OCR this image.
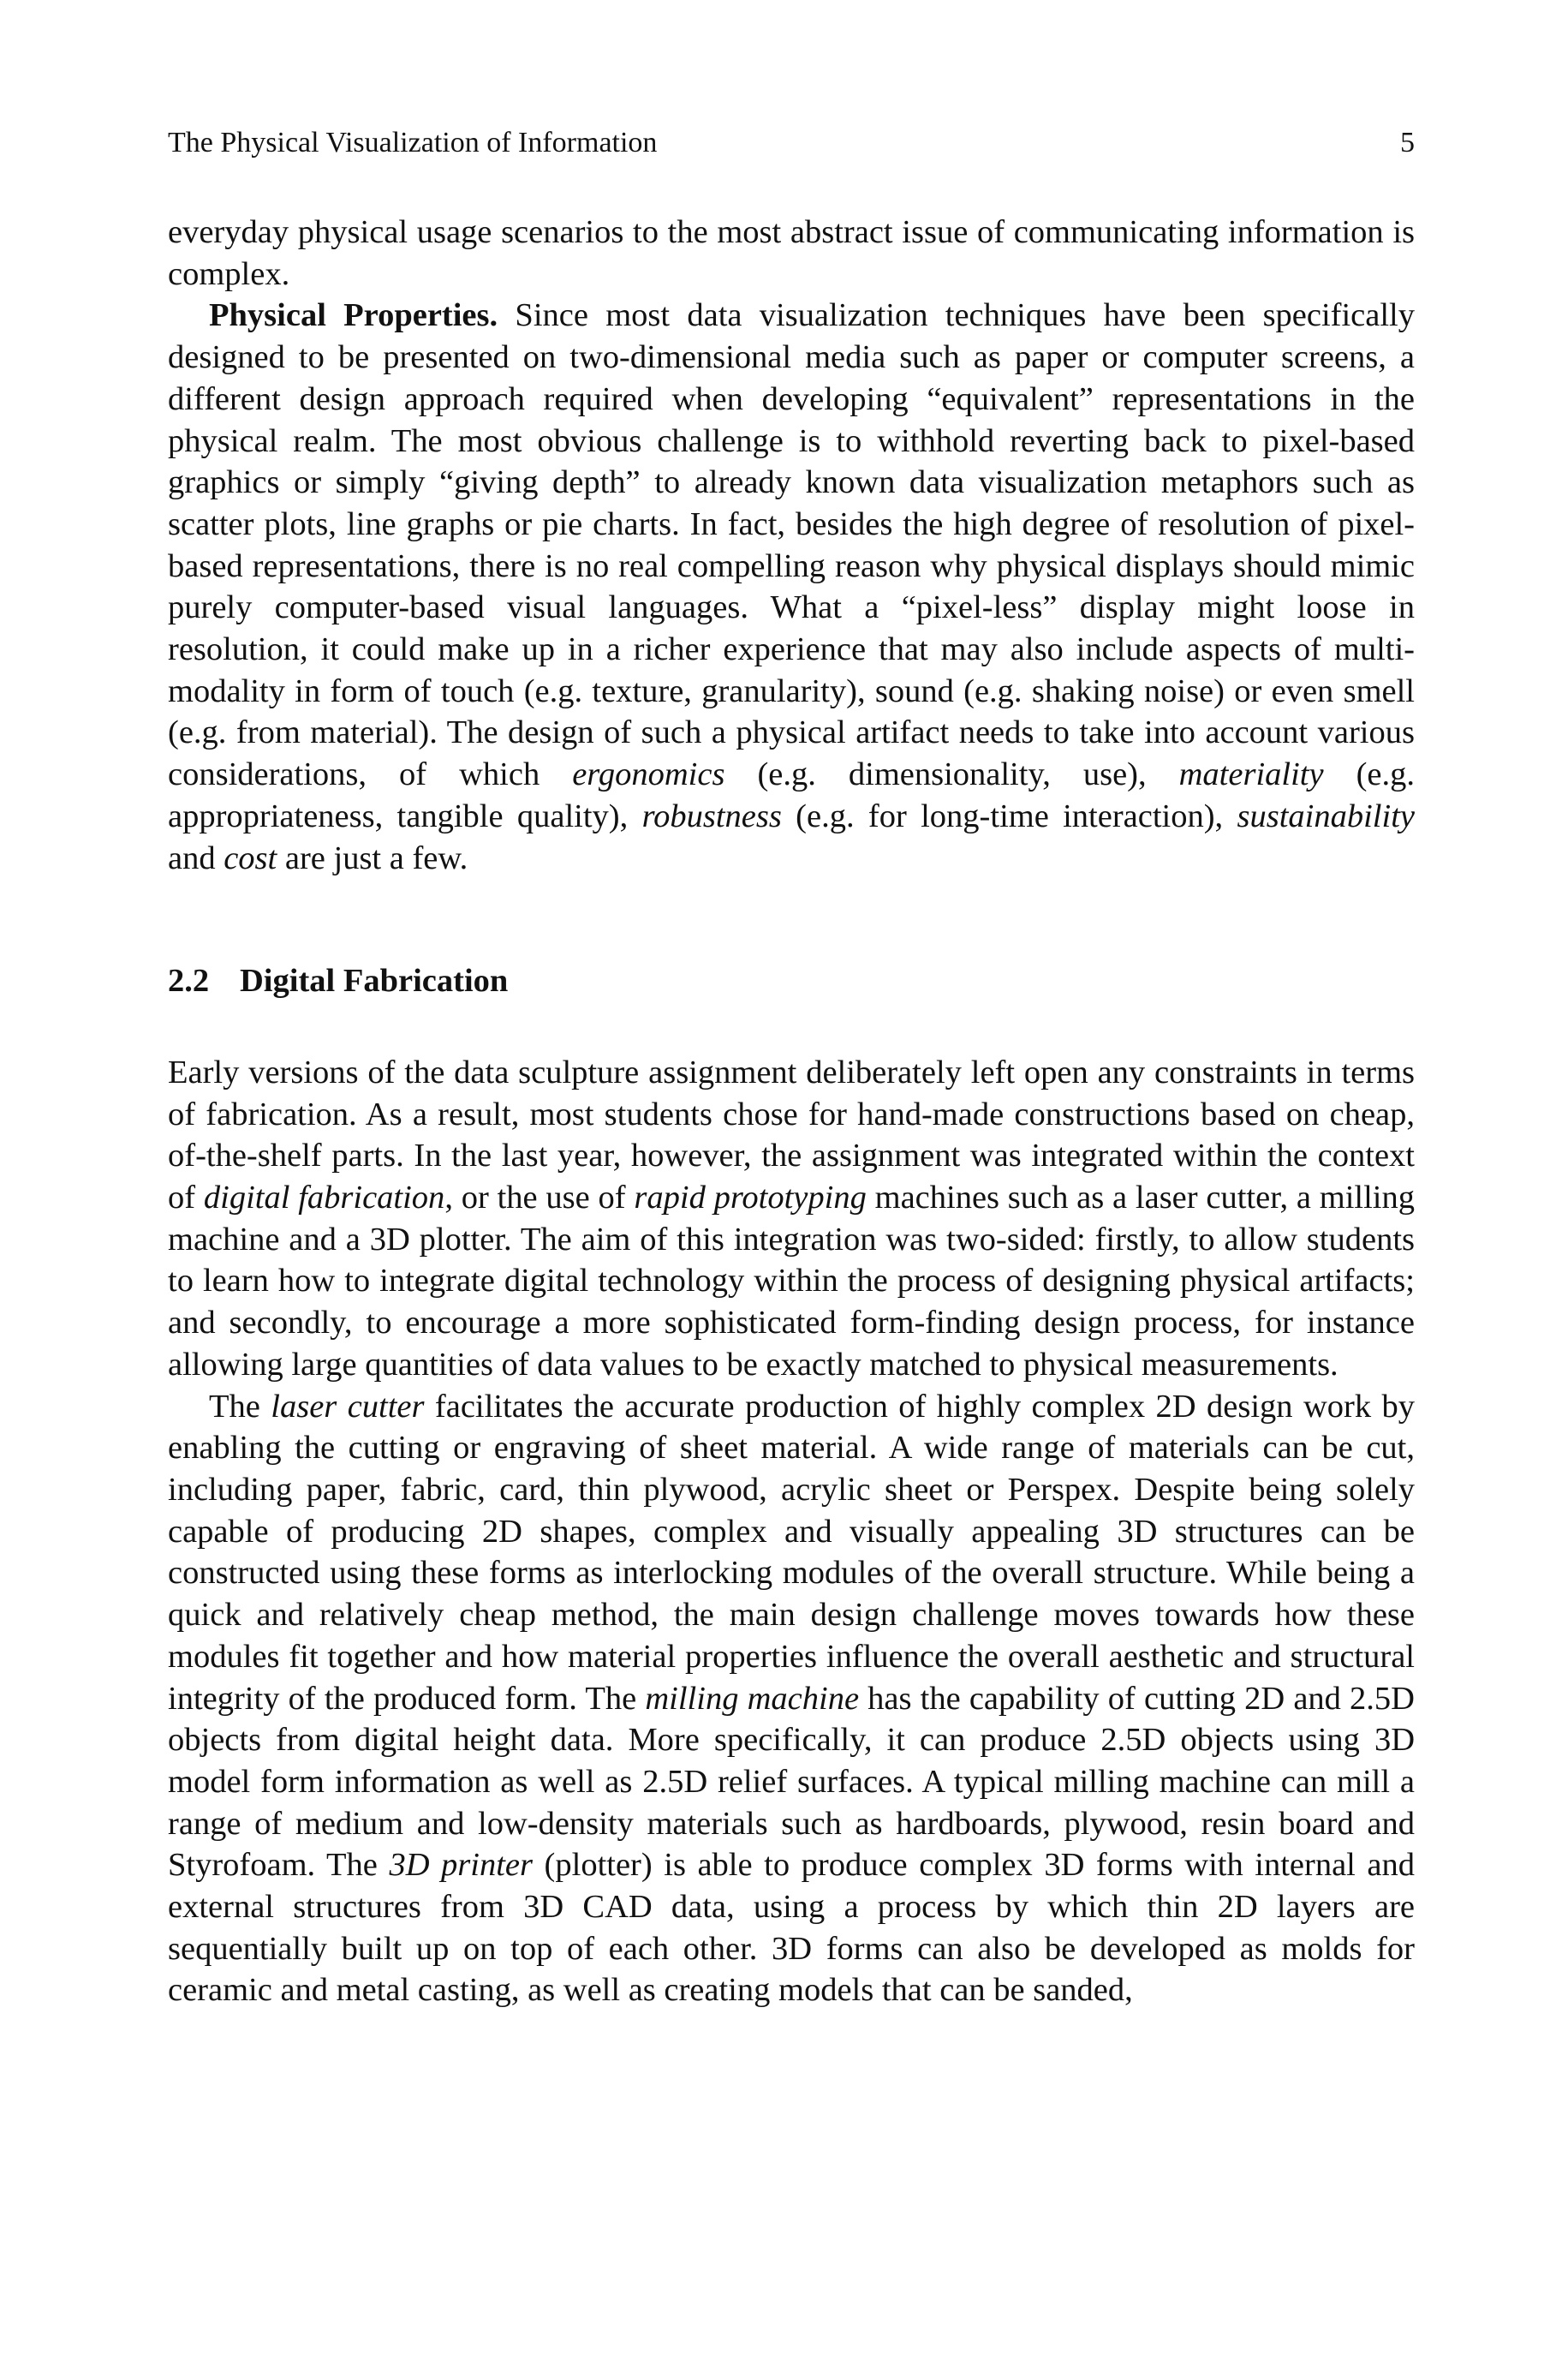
The Physical Visualization of Information	5

everyday physical usage scenarios to the most abstract issue of communicating information is complex.

Physical Properties. Since most data visualization techniques have been specifically designed to be presented on two-dimensional media such as paper or computer screens, a different design approach required when developing “equivalent” representations in the physical realm. The most obvious challenge is to withhold reverting back to pixel-based graphics or simply “giving depth” to already known data visualization metaphors such as scatter plots, line graphs or pie charts. In fact, besides the high degree of resolution of pixel-based representations, there is no real compelling reason why physical displays should mimic purely computer-based visual languages. What a “pixel-less” display might loose in resolution, it could make up in a richer experience that may also include aspects of multi-modality in form of touch (e.g. texture, granularity), sound (e.g. shaking noise) or even smell (e.g. from material). The design of such a physical artifact needs to take into account various considerations, of which ergonomics (e.g. dimensionality, use), materiality (e.g. appropriateness, tangible quality), robustness (e.g. for long-time interaction), sustainability and cost are just a few.

2.2 Digital Fabrication

Early versions of the data sculpture assignment deliberately left open any constraints in terms of fabrication. As a result, most students chose for hand-made constructions based on cheap, of-the-shelf parts. In the last year, however, the assignment was integrated within the context of digital fabrication, or the use of rapid prototyping machines such as a laser cutter, a milling machine and a 3D plotter. The aim of this integration was two-sided: firstly, to allow students to learn how to integrate digital technology within the process of designing physical artifacts; and secondly, to encourage a more sophisticated form-finding design process, for instance allowing large quantities of data values to be exactly matched to physical measurements.

The laser cutter facilitates the accurate production of highly complex 2D design work by enabling the cutting or engraving of sheet material. A wide range of materials can be cut, including paper, fabric, card, thin plywood, acrylic sheet or Perspex. Despite being solely capable of producing 2D shapes, complex and visually appealing 3D structures can be constructed using these forms as interlocking modules of the overall structure. While being a quick and relatively cheap method, the main design challenge moves towards how these modules fit together and how material properties influence the overall aesthetic and structural integrity of the produced form. The milling machine has the capability of cutting 2D and 2.5D objects from digital height data. More specifically, it can produce 2.5D objects using 3D model form information as well as 2.5D relief surfaces. A typical milling machine can mill a range of medium and low-density materials such as hardboards, plywood, resin board and Styrofoam. The 3D printer (plotter) is able to produce complex 3D forms with internal and external structures from 3D CAD data, using a process by which thin 2D layers are sequentially built up on top of each other. 3D forms can also be developed as molds for ceramic and metal casting, as well as creating models that can be sanded,
